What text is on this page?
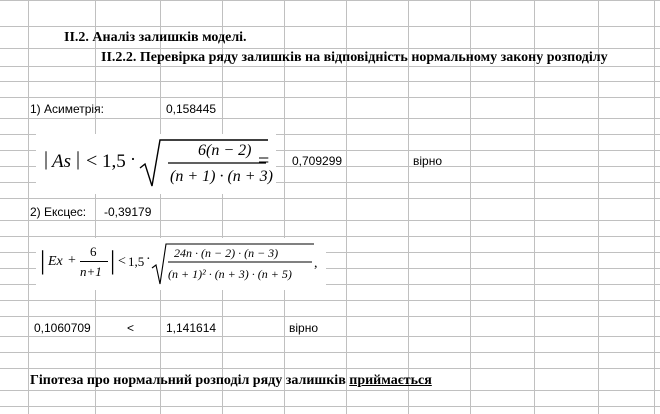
II.2. Аналіз залишків моделі.
II.2.2. Перевірка ряду залишків на відповідність нормальному закону розподілу
1) Асиметрія:	0,158445
| As | < 1,5 ·	6(n − 2)
(n + 1) · (n + 3)
= 0,709299	вірно
2) Ексцес: -0,39179
| Ex +
6
n+1 | < 1,5 · 24n · (n − 2) · (n − 3)
(n + 1)² · (n + 3) · (n + 5)
,
0,1060709	<	1,141614	вірно
Гіпотеза про нормальний розподіл ряду залишків приймається
